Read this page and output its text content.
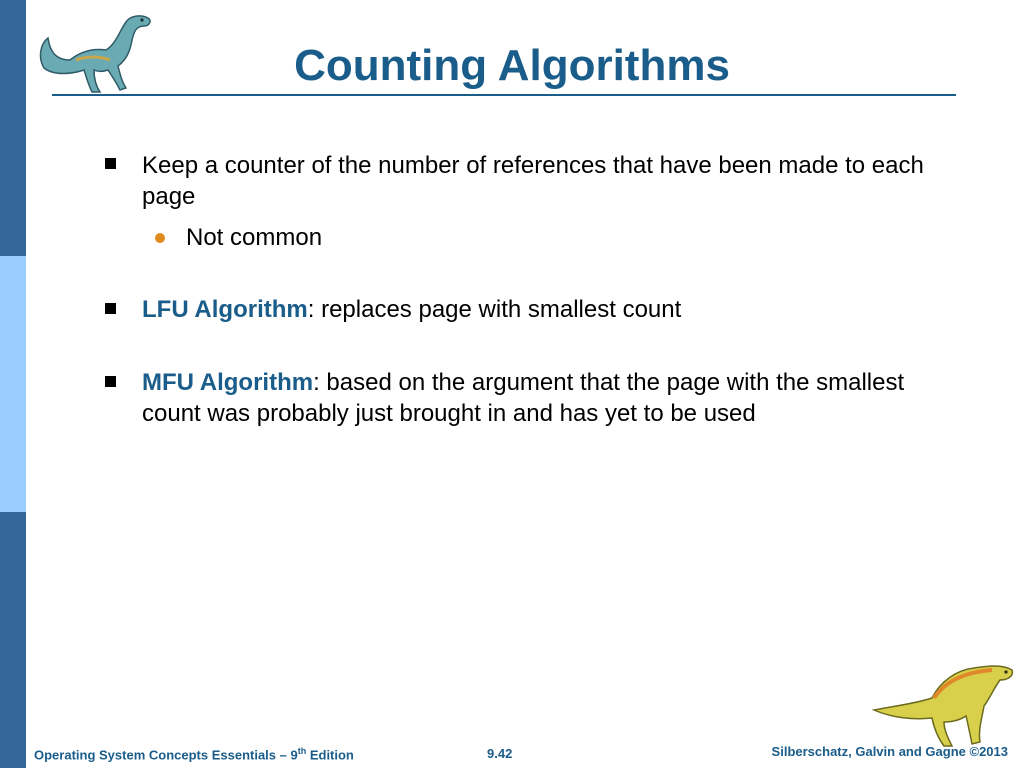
Counting Algorithms

Keep a counter of the number of references that have been made to each page

Not common

LFU Algorithm: replaces page with smallest count

MFU Algorithm: based on the argument that the page with the smallest count was probably just brought in and has yet to be used

Operating System Concepts Essentials – 9th Edition	9.42	Silberschatz, Galvin and Gagne ©2013
